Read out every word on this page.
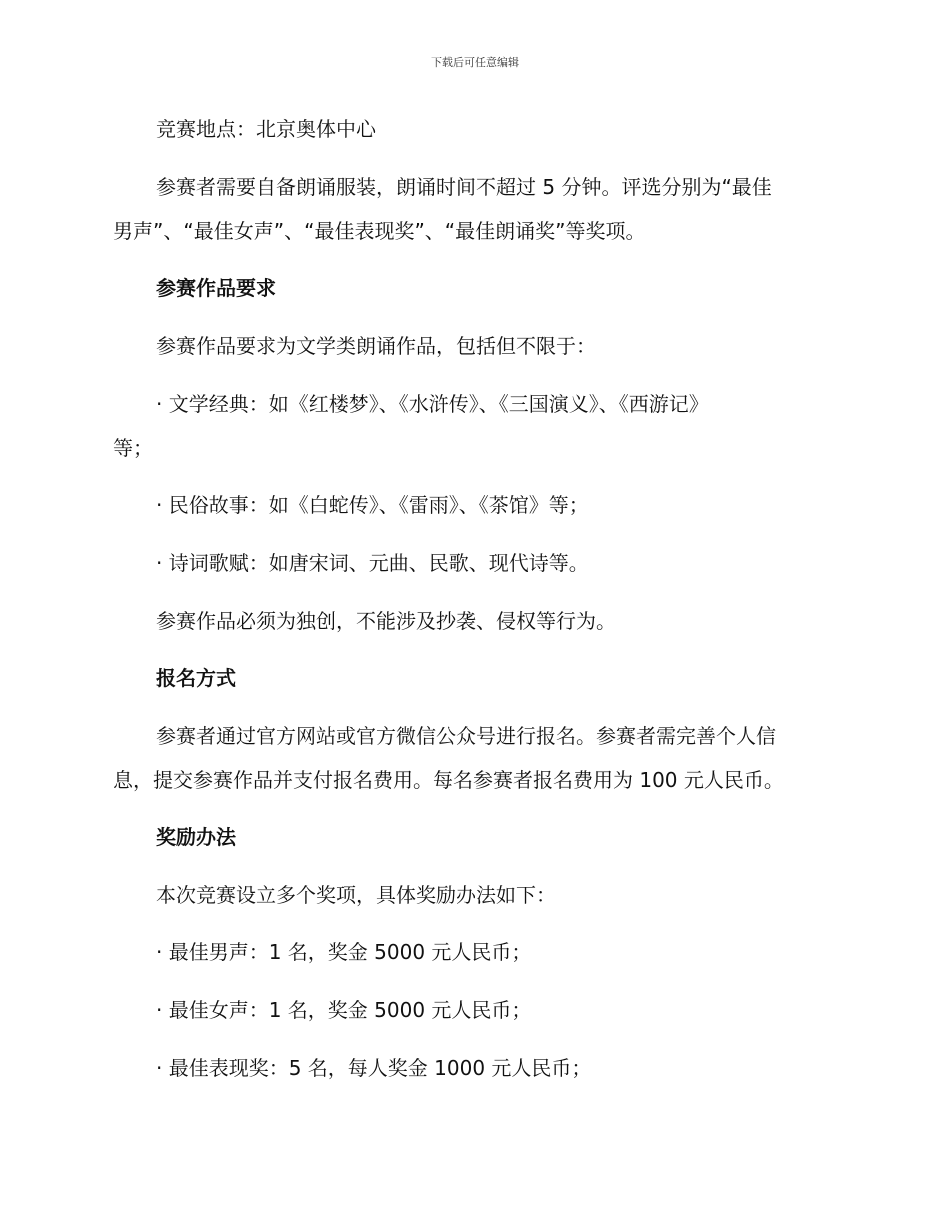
下载后可任意编辑
竞赛地点：北京奥体中心
参赛者需要自备朗诵服装，朗诵时间不超过 5 分钟。评选分别为“最佳
男声”、“最佳女声”、“最佳表现奖”、“最佳朗诵奖”等奖项。
参赛作品要求
参赛作品要求为文学类朗诵作品，包括但不限于：
· 文学经典：如《红楼梦》、《水浒传》、《三国演义》、《西游记》
等；
· 民俗故事：如《白蛇传》、《雷雨》、《茶馆》等；
· 诗词歌赋：如唐宋词、元曲、民歌、现代诗等。
参赛作品必须为独创，不能涉及抄袭、侵权等行为。
报名方式
参赛者通过官方网站或官方微信公众号进行报名。参赛者需完善个人信
息，提交参赛作品并支付报名费用。每名参赛者报名费用为 100 元人民币。
奖励办法
本次竞赛设立多个奖项，具体奖励办法如下：
· 最佳男声：1 名，奖金 5000 元人民币；
· 最佳女声：1 名，奖金 5000 元人民币；
· 最佳表现奖：5 名，每人奖金 1000 元人民币；
